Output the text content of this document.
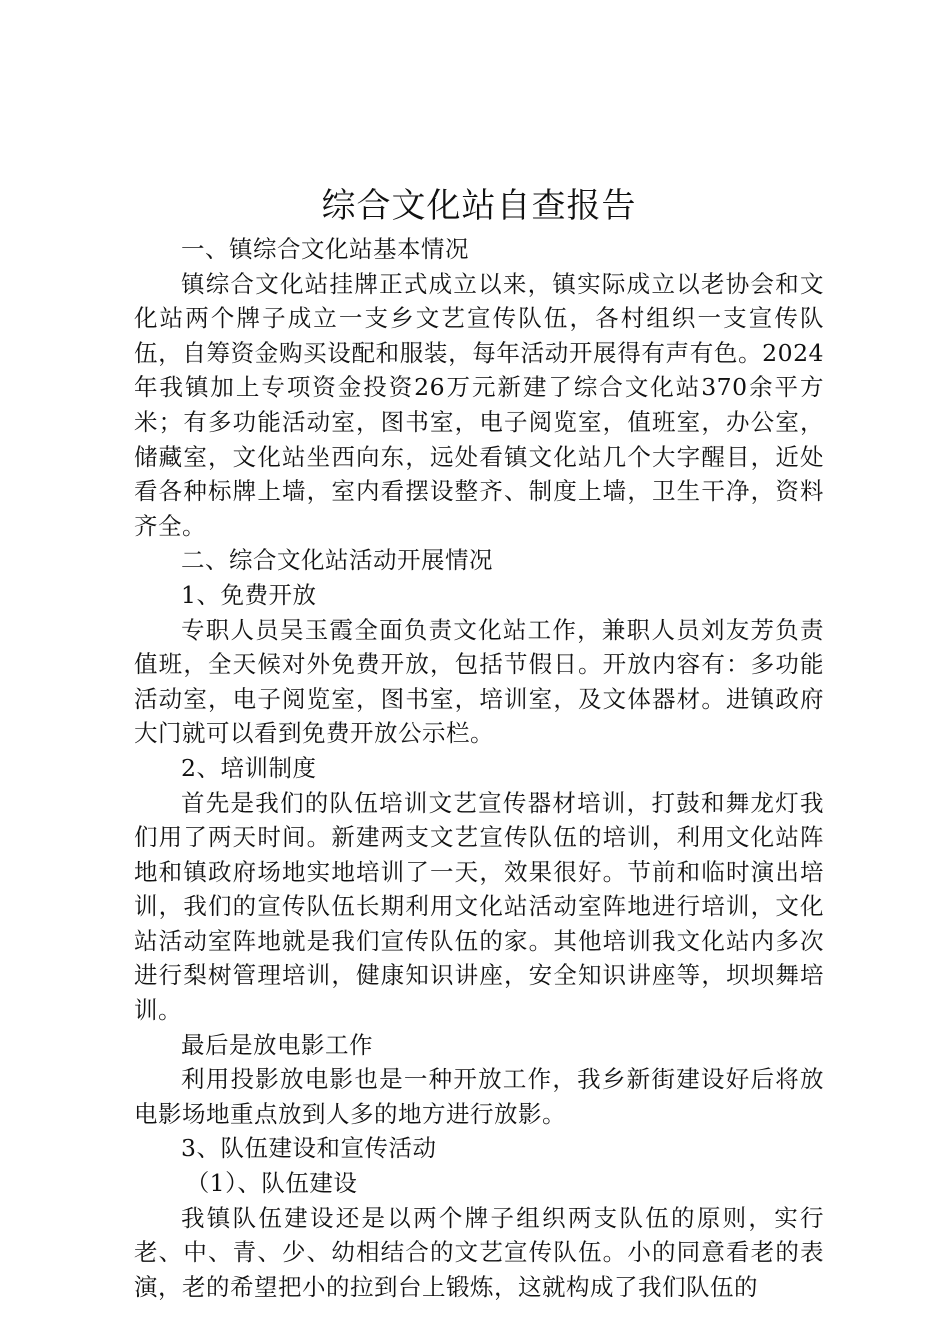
综合文化站自查报告

一、镇综合文化站基本情况

镇综合文化站挂牌正式成立以来，镇实际成立以老协会和文化站两个牌子成立一支乡文艺宣传队伍，各村组织一支宣传队伍，自筹资金购买设配和服装，每年活动开展得有声有色。2024年我镇加上专项资金投资26万元新建了综合文化站370余平方米；有多功能活动室，图书室，电子阅览室，值班室，办公室，储藏室，文化站坐西向东，远处看镇文化站几个大字醒目，近处看各种标牌上墙，室内看摆设整齐、制度上墙，卫生干净，资料齐全。

二、综合文化站活动开展情况

1、免费开放

专职人员吴玉霞全面负责文化站工作，兼职人员刘友芳负责值班，全天候对外免费开放，包括节假日。开放内容有：多功能活动室，电子阅览室，图书室，培训室，及文体器材。进镇政府大门就可以看到免费开放公示栏。

2、培训制度

首先是我们的队伍培训文艺宣传器材培训，打鼓和舞龙灯我们用了两天时间。新建两支文艺宣传队伍的培训，利用文化站阵地和镇政府场地实地培训了一天，效果很好。节前和临时演出培训，我们的宣传队伍长期利用文化站活动室阵地进行培训，文化站活动室阵地就是我们宣传队伍的家。其他培训我文化站内多次进行梨树管理培训，健康知识讲座，安全知识讲座等，坝坝舞培训。

最后是放电影工作

利用投影放电影也是一种开放工作，我乡新街建设好后将放电影场地重点放到人多的地方进行放影。

3、队伍建设和宣传活动

（1）、队伍建设

我镇队伍建设还是以两个牌子组织两支队伍的原则，实行老、中、青、少、幼相结合的文艺宣传队伍。小的同意看老的表演，老的希望把小的拉到台上锻炼，这就构成了我们队伍的
